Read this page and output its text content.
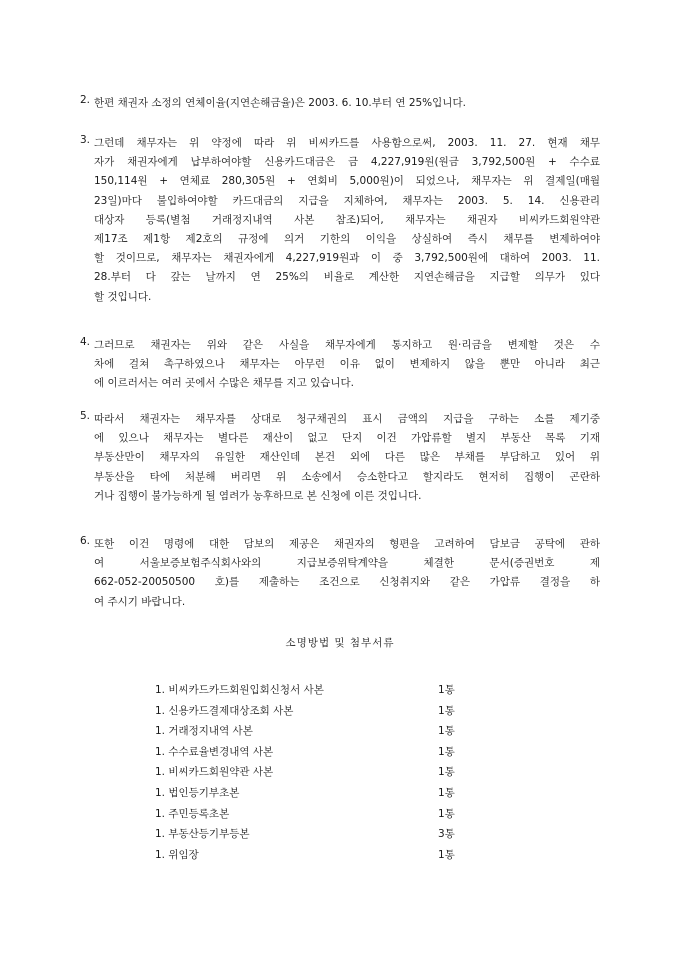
2. 한편 채권자 소정의 연체이율(지연손해금율)은 2003. 6. 10.부터 연 25%입니다.
3. 그런데 채무자는 위 약정에 따라 위 비씨카드를 사용함으로써, 2003. 11. 27. 현재 채무
자가 채권자에게 납부하여야할 신용카드대금은 금 4,227,919원(원금 3,792,500원 + 수수료
150,114원 + 연체료 280,305원 + 연회비 5,000원)이 되었으나, 채무자는 위 결제일(매월
23일)마다 불입하여야할 카드대금의 지급을 지체하여, 채무자는 2003. 5. 14. 신용관리
대상자 등록(별첨 거래정지내역 사본 참조)되어, 채무자는 채권자 비씨카드회원약관
제17조 제1항 제2호의 규정에 의거 기한의 이익을 상실하여 즉시 채무를 변제하여야
할 것이므로, 채무자는 채권자에게 4,227,919원과 이 중 3,792,500원에 대하여 2003. 11.
28.부터 다 갚는 날까지 연 25%의 비율로 계산한 지연손해금을 지급할 의무가 있다
할 것입니다.
4. 그러므로 채권자는 위와 같은 사실을 채무자에게 통지하고 원·리금을 변제할 것은 수
차에 걸쳐 촉구하였으나 채무자는 아무런 이유 없이 변제하지 않을 뿐만 아니라 최근
에 이르러서는 여러 곳에서 수많은 채무를 지고 있습니다.
5. 따라서 채권자는 채무자를 상대로 청구채권의 표시 금액의 지급을 구하는 소를 제기중
에 있으나 채무자는 별다른 재산이 없고 단지 이건 가압류할 별지 부동산 목록 기재
부동산만이 채무자의 유일한 재산인데 본건 외에 다른 많은 부채를 부담하고 있어 위
부동산을 타에 처분해 버리면 위 소송에서 승소한다고 할지라도 현저히 집행이 곤란하
거나 집행이 불가능하게 될 염려가 농후하므로 본 신청에 이른 것입니다.
6. 또한 이건 명령에 대한 담보의 제공은 채권자의 형편을 고려하여 담보금 공탁에 관하
여 서울보증보험주식회사와의 지급보증위탁계약을 체결한 문서(증권번호 제
662-052-20050500 호)를 제출하는 조건으로 신청취지와 같은 가압류 결정을 하
여 주시기 바랍니다.
소명방법 및 첨부서류
1. 비씨카드카드회원입회신청서 사본	1통
1. 신용카드결제대상조회 사본	1통
1. 거래정지내역 사본	1통
1. 수수료율변경내역 사본	1통
1. 비씨카드회원약관 사본	1통
1. 법인등기부초본	1통
1. 주민등록초본	1통
1. 부동산등기부등본	3통
1. 위임장	1통
